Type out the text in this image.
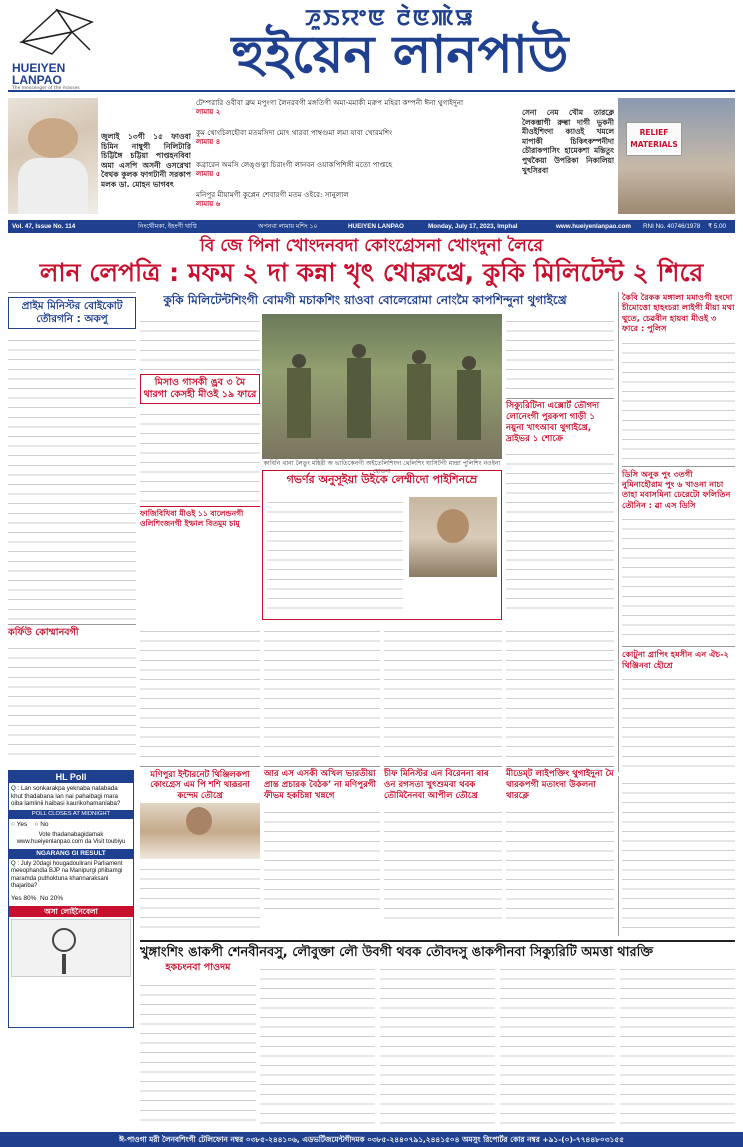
HUEIYEN LANPAO
The messenger of the masses
ꯍꯨꯏꯌꯦꯟ ꯂꯥꯟꯄꯥꯎ
হুইয়েন লানপাউ
জুলাই ১৩গী ১৫ ফাওবা চিমিন নাম্বুগী নিলিটারি চিট্টিঙ্গৈ চট্টিয়া পাপ্তহনবিবা অমা এসপি অসনী ওসরেখা বৈথক কুলক ফাগটানী সরকাপ মলক ডা. মোহন ভাগবৎ
টেম্পরারি ওবীবা ব্রুম মপুংগা লৈনরবগী মঙ্গতিগী অমা-মমাকী মরুপ মহিরা কম্পনী ঈনা থুগাইদুনা
লামায় ২
কুম থোংচিলহৌবা মতমসিদা মোৎ থারবা পাম্বগুমা লমা যাবা খোরমশিং
লামায় ৪
কব্রারেন অমসি লেঙ্গুত্না চিরাংগী লানবন ওয়াকপিশিঙ্গী মতো পাপ্তহে
লামায় ৫
মনিপুর মীয়ামগী কুপ্লেন শেবারগী মতম ওইরে: সানুলাল
লামায় ৬
সেনা নেম খৌম তারক্লে লৈকম্ভাগী রুল্বা দাগী ভুকনী মীওইশিংদা ক্যাওই খমলে মাপাকী চিকিৎকম্পনীদা চৌরাকপাসিং হামেকশা মন্তিতুং পুথকৈয়া উপরিকা নিকালিয়া খুৎসিরবা
RELIEF MATERIALS
Vol. 47, Issue No. 114	নিংথৌমকা, ইহংগী থাপ্নি	অপনবা লামায় মশিং ১০	HUEIYEN LANPAO	Monday, July 17, 2023, Imphal	www.hueiyenlanpao.com RNI No. 40746/1978 ₹ 5.00
বি জে পিনা খোংদনবদা কোংগ্রেসনা খোংদুনা লৈরে
লান লেপত্রি : মফম ২ দা কন্না খৃৎ থোক্লখ্রে, কুকি মিলিটেন্ট ২ শিরে
প্রাইম মিনিস্টর বোইকোট তৌরগনি : অকপু
কর্ফিউ কোম্মানবগী
HL Poll
Q : Lan sonkarakpa yeknaba natabada khut thadabana lan nai pahaibagi mara oiba lamlinii haibasi kaurikohamanlaba?
POLL CLOSES AT MIDNIGHT
○ Yes ○ No
Vote thadanabagidamak www.hueiyenlanpao.com da Visit toubiyu
NGARANG GI RESULT
Q : July 20dagi hougadoulirani Parliament meeophandia BJP na Manipurgi phibamgi maramda puthoktuna khannaraksani thajariba?
Yes 80% No 20%
অসা লোইনৈবেলা
কুকি মিলিটেন্টশিংগী বোমগী মচাকশিং য়াওবা বোলেরোমা নোংমৈ কাপশিন্দুনা থুগাইখ্রে
মিসাও গাসকী ঙ্রব ৩ মৈ থারগা কেসহী মীওই ১৯ ফারে
ফাজিবিখিবা মীওই ১১ বালেন্ডনগী ওলিশিংজনগী ইম্ফাল বিতমুম চামু
কাবিনি থানা লৈতুং মহিরী অ ভাতিকেনগী অইতেলিশিংদা থেলিশিং ঘাসিটগী মান্দ্রা পুলিশিং নওইনা হোতনা
গভর্ণর অনুসূইয়া উইকে লেম্মীদো পাইশিনম্রে
সিক্যুরিটিনা এক্সোর্ট তৌগদা লোনেংগী পুরকপা গাড়ী ১ নয়ুনা খাৎআবা থুগাইখ্রে, দ্রাইভর ১ শোক্রে
কৈবি রৈকক মঙ্গালা মমাওগী হংদো চীমোত্তো হাহংচরা লাইগী মীয়া মথা থুতে, চেৱবীন হায়বা মীওই ৩ ফারে : পুলিস
ডিসি অনুক পুং ৩তগী নুমিনাহৌরাম পুং ৬ খাওনা নাচা তাহা মবাসমিনা ঢেরেটো ফলিতিন তৌনিন : ৱা এস ডিসি
কোটুনা গ্রাপিং হমসীন এন ঐচ-২ থিঞ্জিনবা হৌশ্রে
মণিপুরা ইন্টারনেট থিঞ্জিলকপা কোংগ্রেস এম পি শশি থারূরনা কন্দেম তৌখ্রে
আর এস এসকী অখিল ভারতীয়া প্রান্ত প্রচারক বৈঠক’ না মণিপুরগী ফীভম হকচিন্না খন্নগে
চীফ মিনিস্টর এন বিরেননা ৰাৰ ওন রগসতা খুৎশুমবা থবক তৌমিনৈনবা আপীল তৌখ্রে
মীডেম্ট লাইপক্তিং থুগাইদুনা মৈ থারকপগী মতাংদা উকলনা থারক্লে
খুঙ্গাংশিং ঙাকপী শেনবীনবসু, লৌবুক্তা লৌ উবগী থবক তৌবদসু ঙাকপীনবা সিক্যুরিটি অমত্তা থারক্তি
হকচংনবা পাওদম
ঈ-পাওগা মরী লৈনবশিংগী টেলিফোন নম্বর ০৩৮৫-২৪৪১০৬, এডভর্টিজমেন্টগীদমক ০৩৮৫-২৪৪০৭৯১,২৪৪১৫০৪ অমসুং রিপোর্টর কোর নম্বর +৯১-(০)-৭৭৪৪৮০৩১৫৫
